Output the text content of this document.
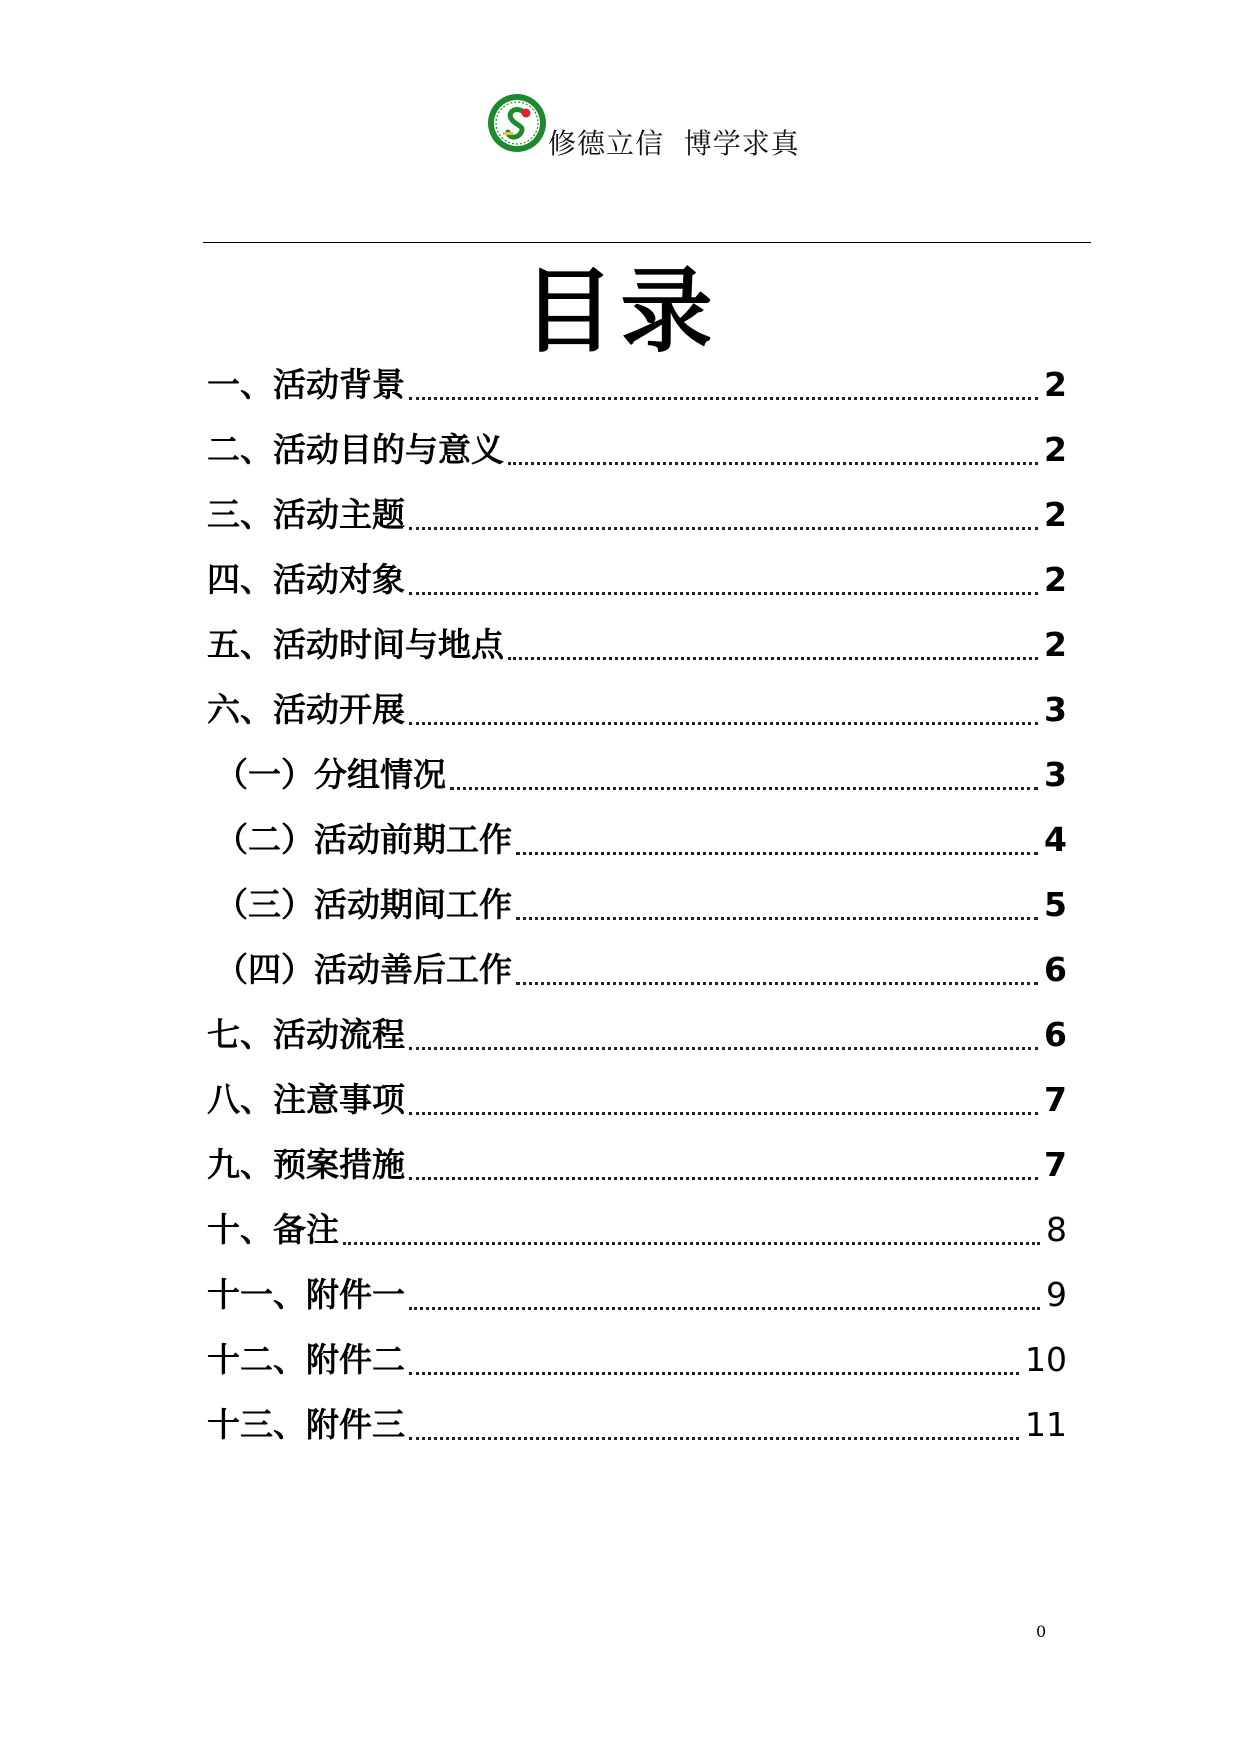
修德立信  博学求真
目录
一、活动背景	2
二、活动目的与意义	2
三、活动主题	2
四、活动对象	2
五、活动时间与地点	2
六、活动开展	3
（一）分组情况	3
（二）活动前期工作	4
（三）活动期间工作	5
（四）活动善后工作	6
七、活动流程	6
八、注意事项	7
九、预案措施	7
十、备注	8
十一、附件一	9
十二、附件二	10
十三、附件三	11
0
